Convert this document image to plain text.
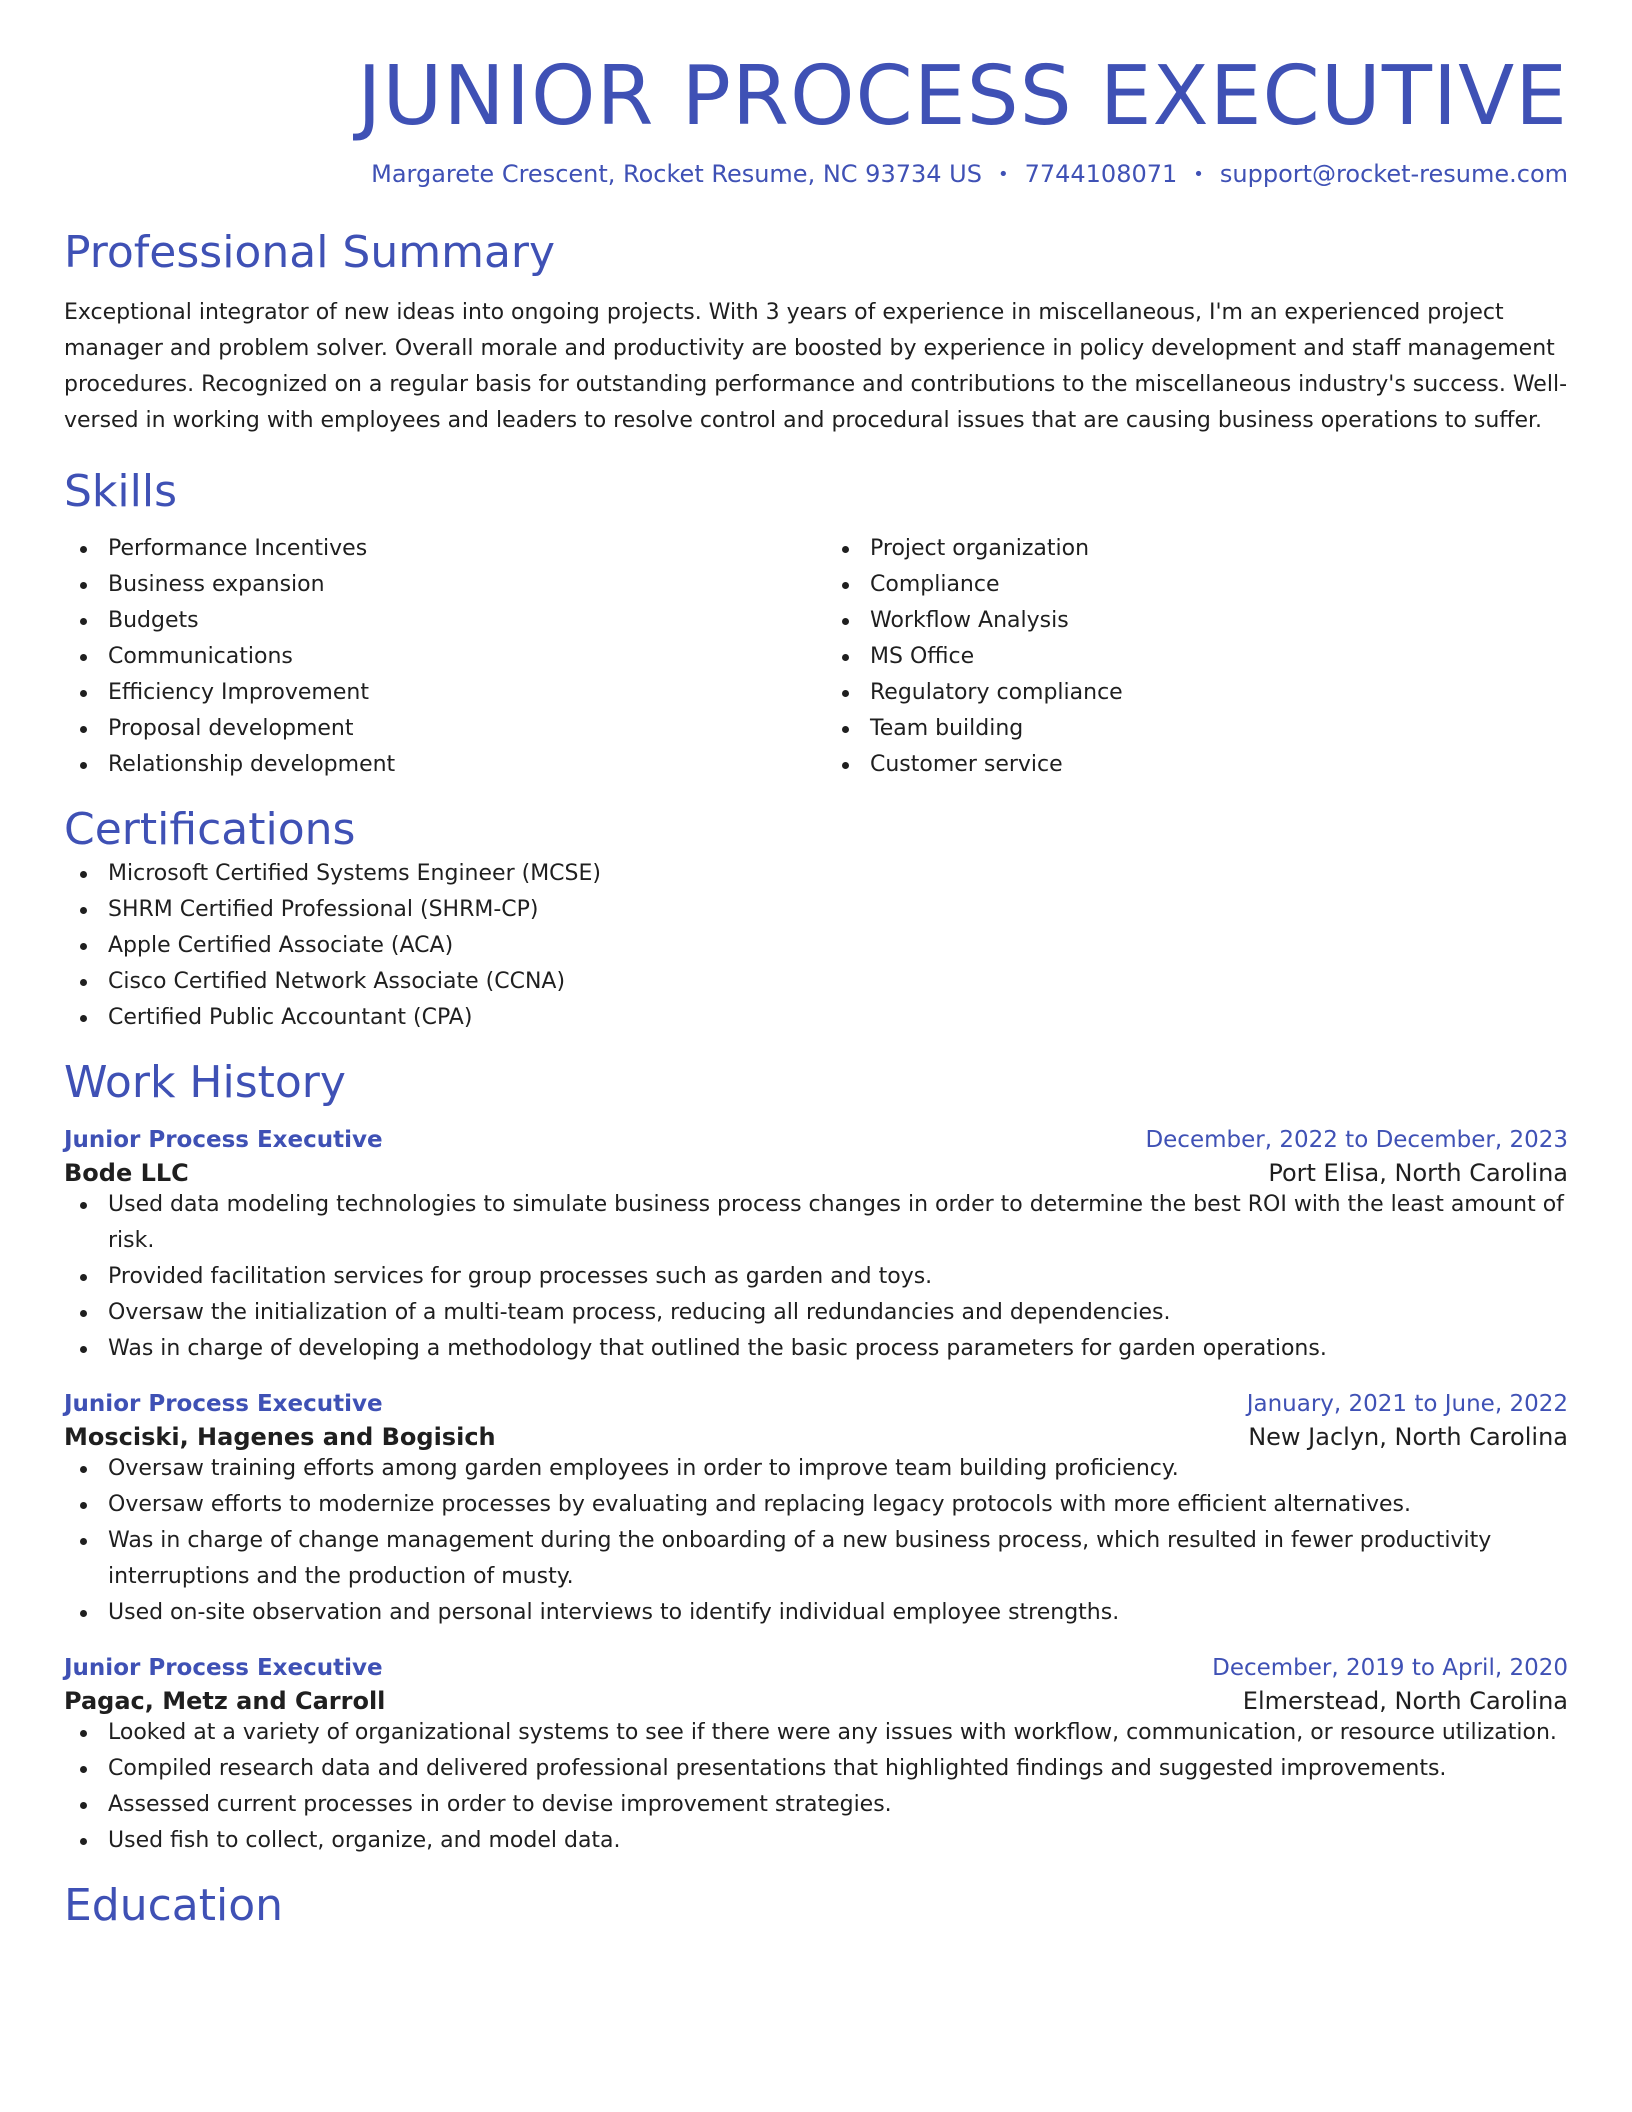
JUNIOR PROCESS EXECUTIVE
Margarete Crescent, Rocket Resume, NC 93734 US • 7744108071 • support@rocket-resume.com
Professional Summary
Exceptional integrator of new ideas into ongoing projects. With 3 years of experience in miscellaneous, I'm an experienced project manager and problem solver. Overall morale and productivity are boosted by experience in policy development and staff management procedures. Recognized on a regular basis for outstanding performance and contributions to the miscellaneous industry's success. Well-versed in working with employees and leaders to resolve control and procedural issues that are causing business operations to suffer.
Skills
Performance Incentives
Business expansion
Budgets
Communications
Efficiency Improvement
Proposal development
Relationship development
Project organization
Compliance
Workflow Analysis
MS Office
Regulatory compliance
Team building
Customer service
Certifications
Microsoft Certified Systems Engineer (MCSE)
SHRM Certified Professional (SHRM-CP)
Apple Certified Associate (ACA)
Cisco Certified Network Associate (CCNA)
Certified Public Accountant (CPA)
Work History
Junior Process Executive	December, 2022 to December, 2023
Bode LLC	Port Elisa, North Carolina
Used data modeling technologies to simulate business process changes in order to determine the best ROI with the least amount of risk.
Provided facilitation services for group processes such as garden and toys.
Oversaw the initialization of a multi-team process, reducing all redundancies and dependencies.
Was in charge of developing a methodology that outlined the basic process parameters for garden operations.
Junior Process Executive	January, 2021 to June, 2022
Mosciski, Hagenes and Bogisich	New Jaclyn, North Carolina
Oversaw training efforts among garden employees in order to improve team building proficiency.
Oversaw efforts to modernize processes by evaluating and replacing legacy protocols with more efficient alternatives.
Was in charge of change management during the onboarding of a new business process, which resulted in fewer productivity interruptions and the production of musty.
Used on-site observation and personal interviews to identify individual employee strengths.
Junior Process Executive	December, 2019 to April, 2020
Pagac, Metz and Carroll	Elmerstead, North Carolina
Looked at a variety of organizational systems to see if there were any issues with workflow, communication, or resource utilization.
Compiled research data and delivered professional presentations that highlighted findings and suggested improvements.
Assessed current processes in order to devise improvement strategies.
Used fish to collect, organize, and model data.
Education
